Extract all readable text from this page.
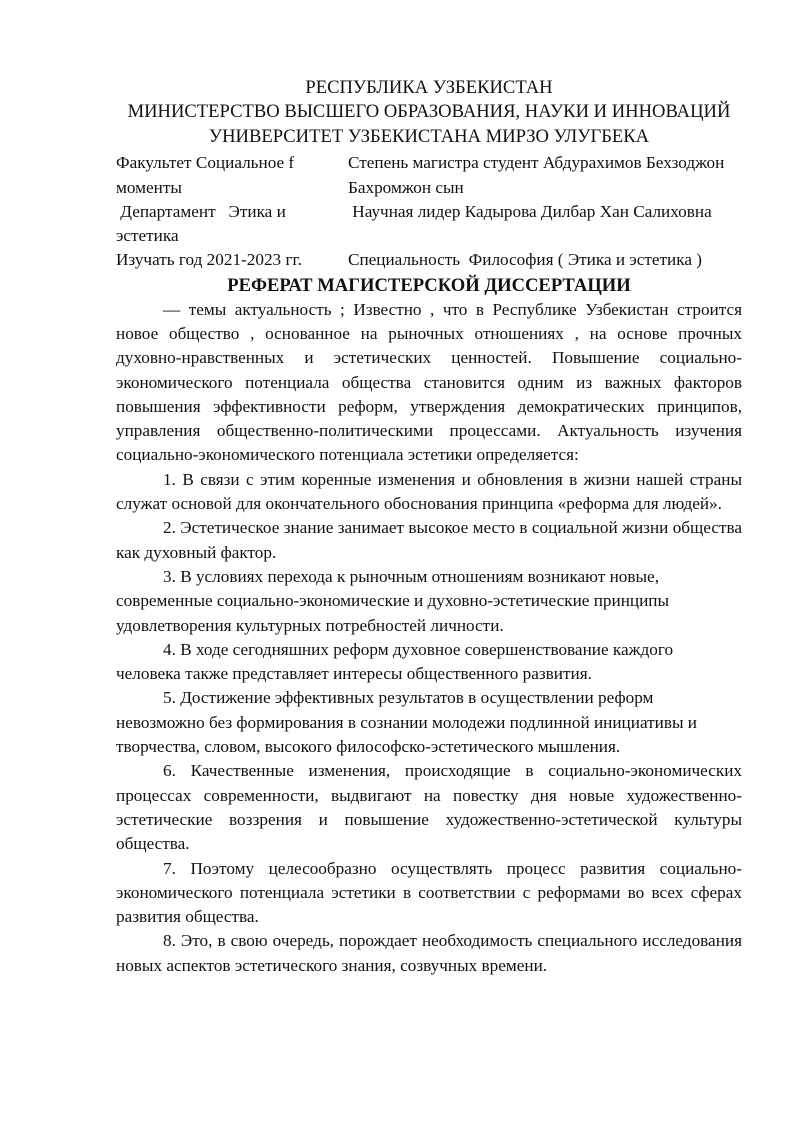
РЕСПУБЛИКА УЗБЕКИСТАН
МИНИСТЕРСТВО ВЫСШЕГО ОБРАЗОВАНИЯ, НАУКИ И ИННОВАЦИЙ
УНИВЕРСИТЕТ УЗБЕКИСТАНА МИРЗО УЛУГБЕКА
Факультет Социальное f моменты
Степень магистра студент Абдурахимов Бехзоджон Бахромжон сын
Департамент   Этика и эстетика
Научная лидер Кадырова Дилбар Хан Салиховна
Изучать год 2021-2023 гг.	Специальность  Философия ( Этика и эстетика )
РЕФЕРАТ МАГИСТЕРСКОЙ ДИССЕРТАЦИИ

— темы актуальность ; Известно , что в Республике Узбекистан строится новое общество , основанное на рыночных отношениях , на основе прочных духовно-нравственных и эстетических ценностей. Повышение социально-экономического потенциала общества становится одним из важных факторов повышения эффективности реформ, утверждения демократических принципов, управления общественно-политическими процессами. Актуальность изучения социально-экономического потенциала эстетики определяется:

1. В связи с этим коренные изменения и обновления в жизни нашей страны служат основой для окончательного обоснования принципа «реформа для людей».

2. Эстетическое знание занимает высокое место в социальной жизни общества как духовный фактор.

3. В условиях перехода к рыночным отношениям возникают новые, современные социально-экономические и духовно-эстетические принципы удовлетворения культурных потребностей личности.

4. В ходе сегодняшних реформ духовное совершенствование каждого человека также представляет интересы общественного развития.

5. Достижение эффективных результатов в осуществлении реформ невозможно без формирования в сознании молодежи подлинной инициативы и творчества, словом, высокого философско-эстетического мышления.

6. Качественные изменения, происходящие в социально-экономических процессах современности, выдвигают на повестку дня новые художественно-эстетические воззрения и повышение художественно-эстетической культуры общества.

7. Поэтому целесообразно осуществлять процесс развития социально-экономического потенциала эстетики в соответствии с реформами во всех сферах развития общества.

8. Это, в свою очередь, порождает необходимость специального исследования новых аспектов эстетического знания, созвучных времени.
